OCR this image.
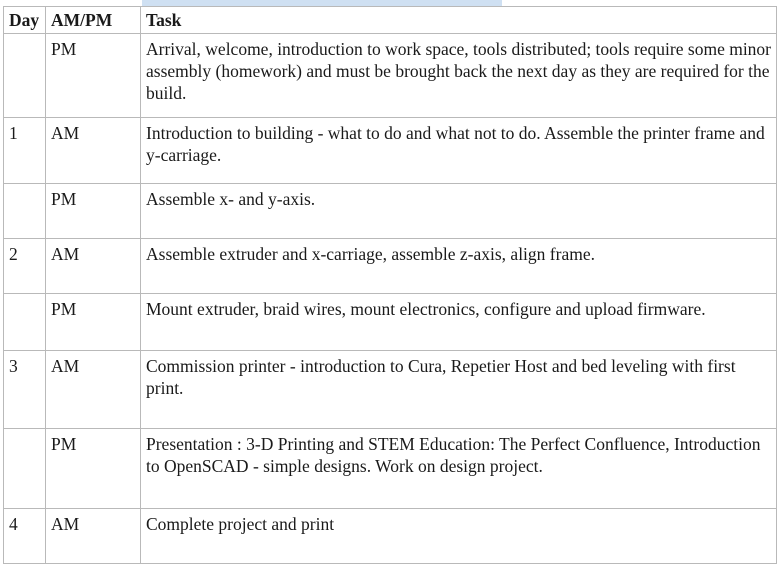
Day	AM/PM	Task
	PM	Arrival, welcome, introduction to work space, tools distributed; tools require some minor assembly (homework) and must be brought back the next day as they are required for the build.
1	AM	Introduction to building - what to do and what not to do. Assemble the printer frame and y-carriage.
	PM	Assemble x- and y-axis.
2	AM	Assemble extruder and x-carriage, assemble z-axis, align frame.
	PM	Mount extruder, braid wires, mount electronics, configure and upload firmware.
3	AM	Commission printer - introduction to Cura, Repetier Host and bed leveling with first print.
	PM	Presentation : 3-D Printing and STEM Education: The Perfect Confluence, Introduction to OpenSCAD - simple designs. Work on design project.
4	AM	Complete project and print
